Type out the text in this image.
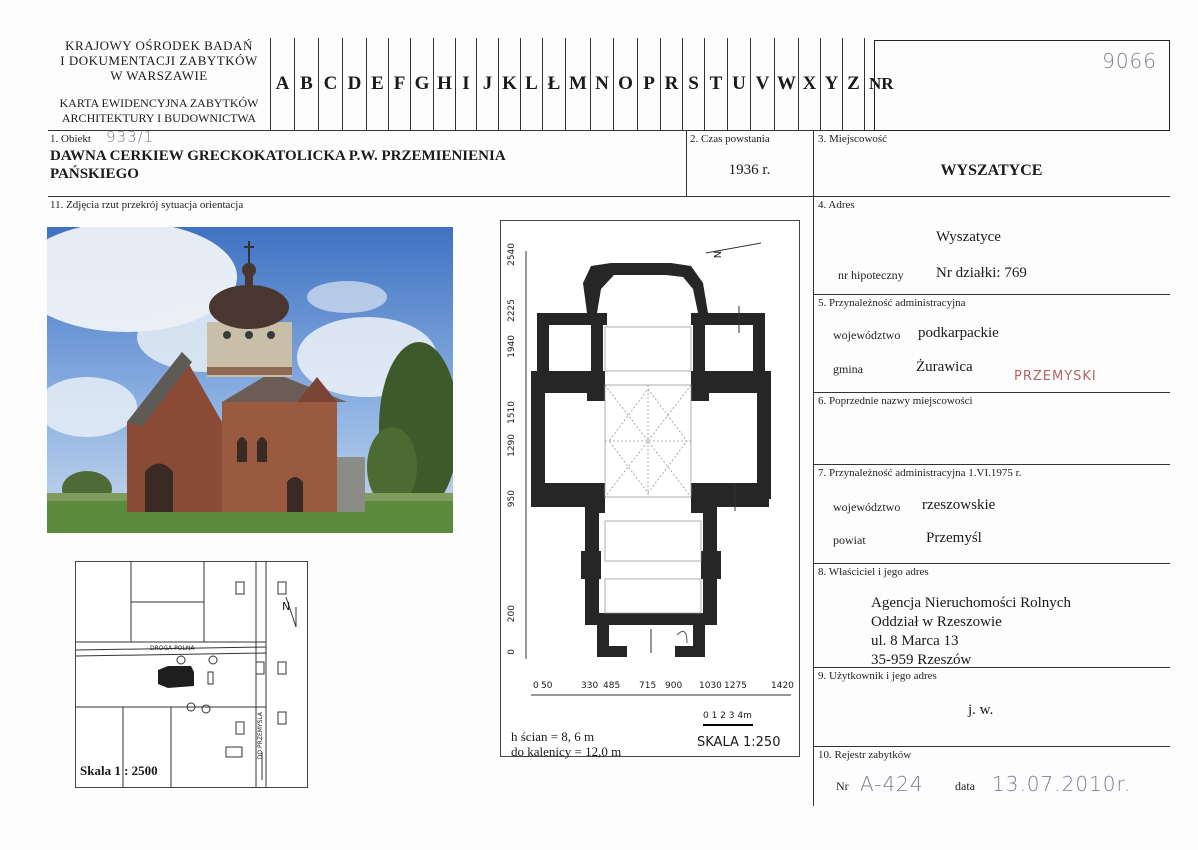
KRAJOWY OŚRODEK BADAŃ
I DOKUMENTACJI ZABYTKÓW
W WARSZAWIE
KARTA EWIDENCYJNA ZABYTKÓW
ARCHITEKTURY I BUDOWNICTWA
A B C D E F G H I J K L Ł M N O P R S T U V W X Y Z NR
9066
1. Obiekt 933/1
DAWNA CERKIEW GRECKOKATOLICKA P.W. PRZEMIENIENIA
PAŃSKIEGO
2. Czas powstania
1936 r.
3. Miejscowość
WYSZATYCE
11. Zdjęcia rzut przekrój sytuacja orientacja	4. Adres
Wyszatyce
nr hipoteczny Nr działki: 769
5. Przynależność administracyjna
województwo podkarpackie
gmina	Żurawica
PRZEMYSKI
6. Poprzednie nazwy miejscowości
7. Przynależność administracyjna 1.VI.1975 r.
województwo rzeszowskie
powiat	Przemyśl
8. Właściciel i jego adres
Agencja Nieruchomości Rolnych
Oddział w Rzeszowie
ul. 8 Marca 13
35-959 Rzeszów
9. Użytkownik i jego adres
j. w.
10. Rejestr zabytków
Nr A-424	data 13.07.2010r.
DROGA POLNA
DO PRZEMYŚLA
N
Skala 1 : 2500
N
2540
2225
1940
1510
1290
950
200
0
0 50	330 485 715 900 1030 1275	1420
0 1 2 3 4m
SKALA 1:250
h ścian = 8, 6 m
do kalenicy = 12,0 m
